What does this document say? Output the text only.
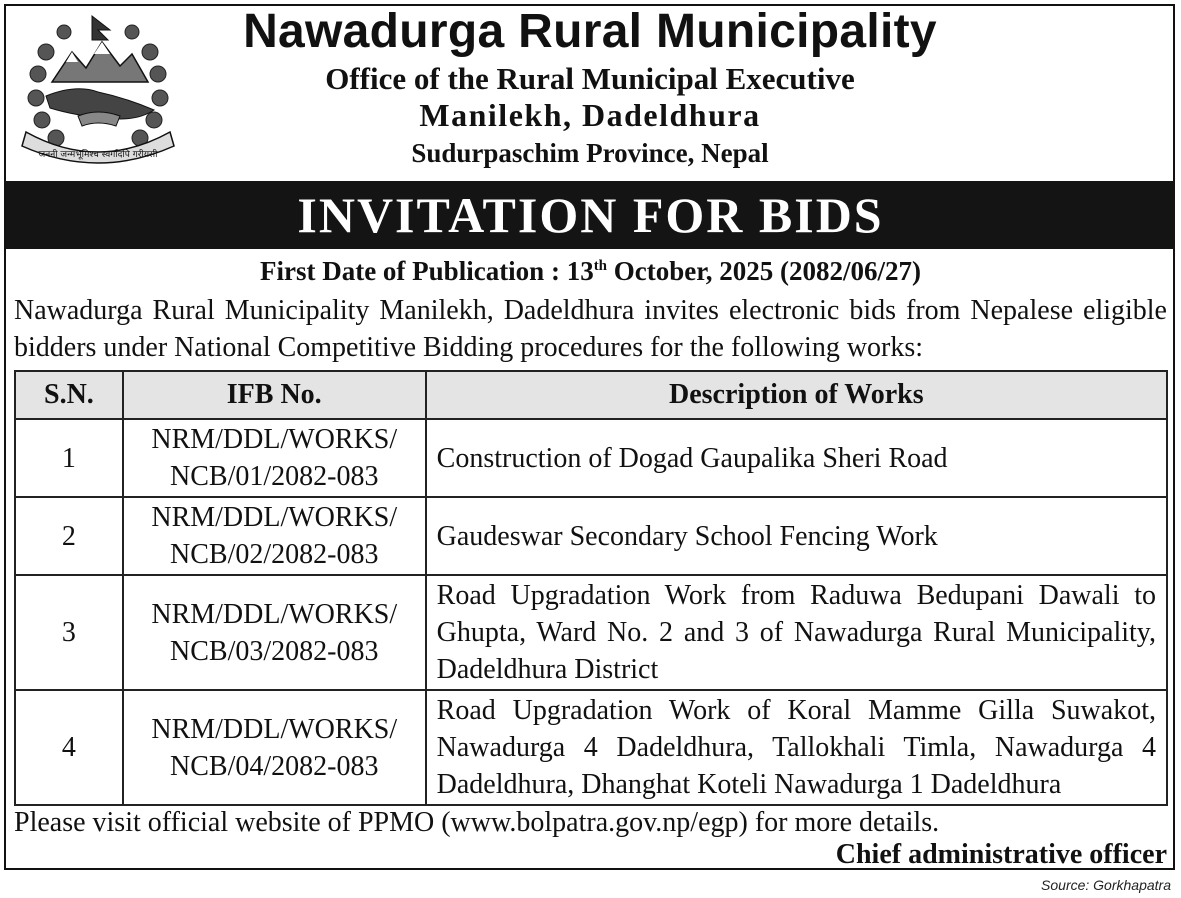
जननी जन्मभूमिश्च स्वर्गादपि गरीयसी
Nawadurga Rural Municipality
Office of the Rural Municipal Executive
Manilekh, Dadeldhura
Sudurpaschim Province, Nepal
INVITATION FOR BIDS
First Date of Publication : 13th October, 2025 (2082/06/27)
Nawadurga Rural Municipality Manilekh, Dadeldhura invites electronic bids from Nepalese eligible bidders under National Competitive Bidding procedures for the following works:
S.N.	IFB No.	Description of Works
1	NRM/DDL/WORKS/
NCB/01/2082-083	Construction of Dogad Gaupalika Sheri Road
2	NRM/DDL/WORKS/
NCB/02/2082-083	Gaudeswar Secondary School Fencing Work
3	NRM/DDL/WORKS/
NCB/03/2082-083	Road Upgradation Work from Raduwa Bedupani Dawali to Ghupta, Ward No. 2 and 3 of Nawadurga Rural Municipality, Dadeldhura District
4	NRM/DDL/WORKS/
NCB/04/2082-083	Road Upgradation Work of Koral Mamme Gilla Suwakot, Nawadurga 4 Dadeldhura, Tallokhali Timla, Nawadurga 4 Dadeldhura, Dhanghat Koteli Nawadurga 1 Dadeldhura
Please visit official website of PPMO (www.bolpatra.gov.np/egp) for more details.
Chief administrative officer
Source: Gorkhapatra
